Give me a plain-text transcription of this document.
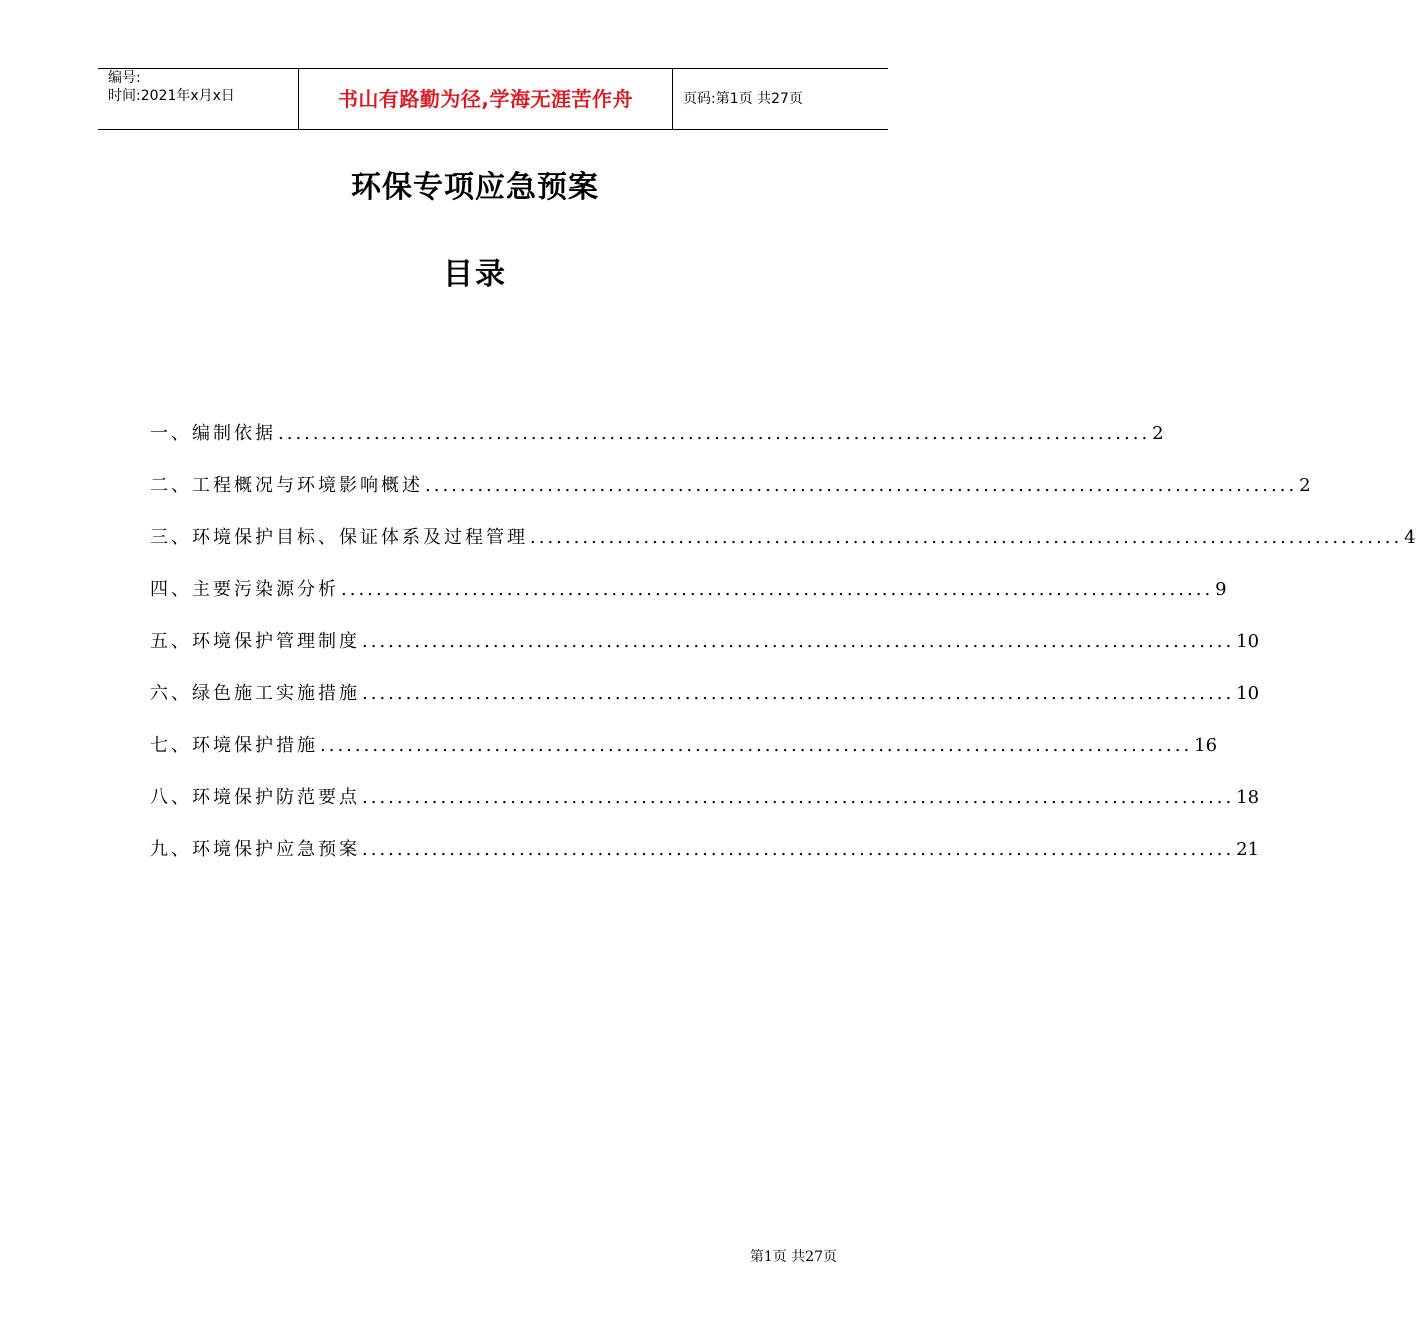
编号:
时间:2021年x月x日	书山有路勤为径,学海无涯苦作舟	页码:第1页 共27页
环保专项应急预案
目录
一、编制依据 .................................................................................................... 2
二、工程概况与环境影响概述 .................................................................................................... 2
三、环境保护目标、保证体系及过程管理 .................................................................................................... 4
四、主要污染源分析 .................................................................................................... 9
五、环境保护管理制度 .................................................................................................... 10
六、绿色施工实施措施 .................................................................................................... 10
七、环境保护措施 .................................................................................................... 16
八、环境保护防范要点 .................................................................................................... 18
九、环境保护应急预案 .................................................................................................... 21
第1页 共27页
